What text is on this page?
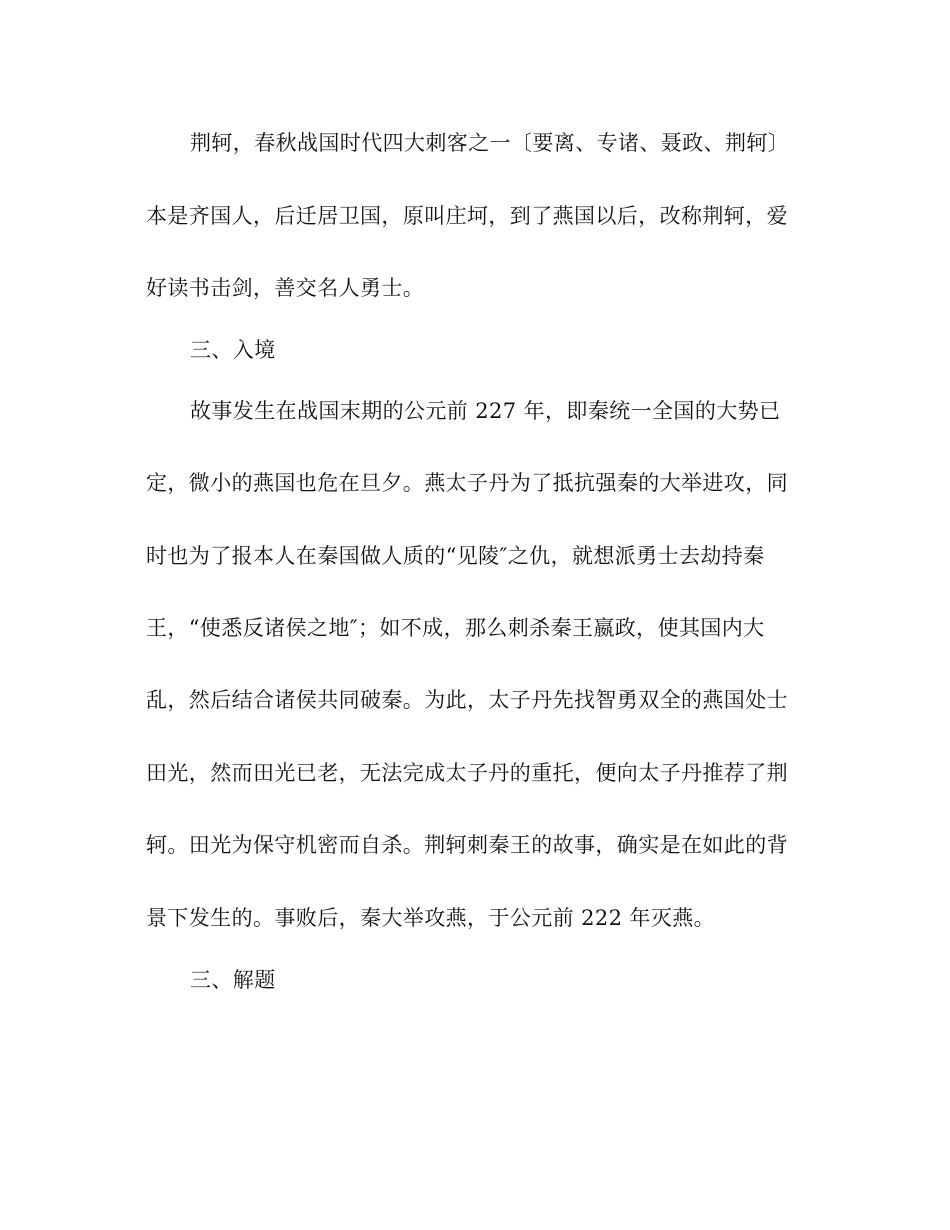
荆轲，春秋战国时代四大刺客之一〔要离、专诸、聂政、荆轲〕
本是齐国人，后迁居卫国，原叫庄坷，到了燕国以后，改称荆轲，爱
好读书击剑，善交名人勇士。
三、入境
故事发生在战国末期的公元前 227 年，即秦统一全国的大势已
定，微小的燕国也危在旦夕。燕太子丹为了抵抗强秦的大举进攻，同
时也为了报本人在秦国做人质的“见陵″之仇，就想派勇士去劫持秦
王，“使悉反诸侯之地″；如不成，那么刺杀秦王嬴政，使其国内大
乱，然后结合诸侯共同破秦。为此，太子丹先找智勇双全的燕国处士
田光，然而田光已老，无法完成太子丹的重托，便向太子丹推荐了荆
轲。田光为保守机密而自杀。荆轲刺秦王的故事，确实是在如此的背
景下发生的。事败后，秦大举攻燕，于公元前 222 年灭燕。
三、解题
